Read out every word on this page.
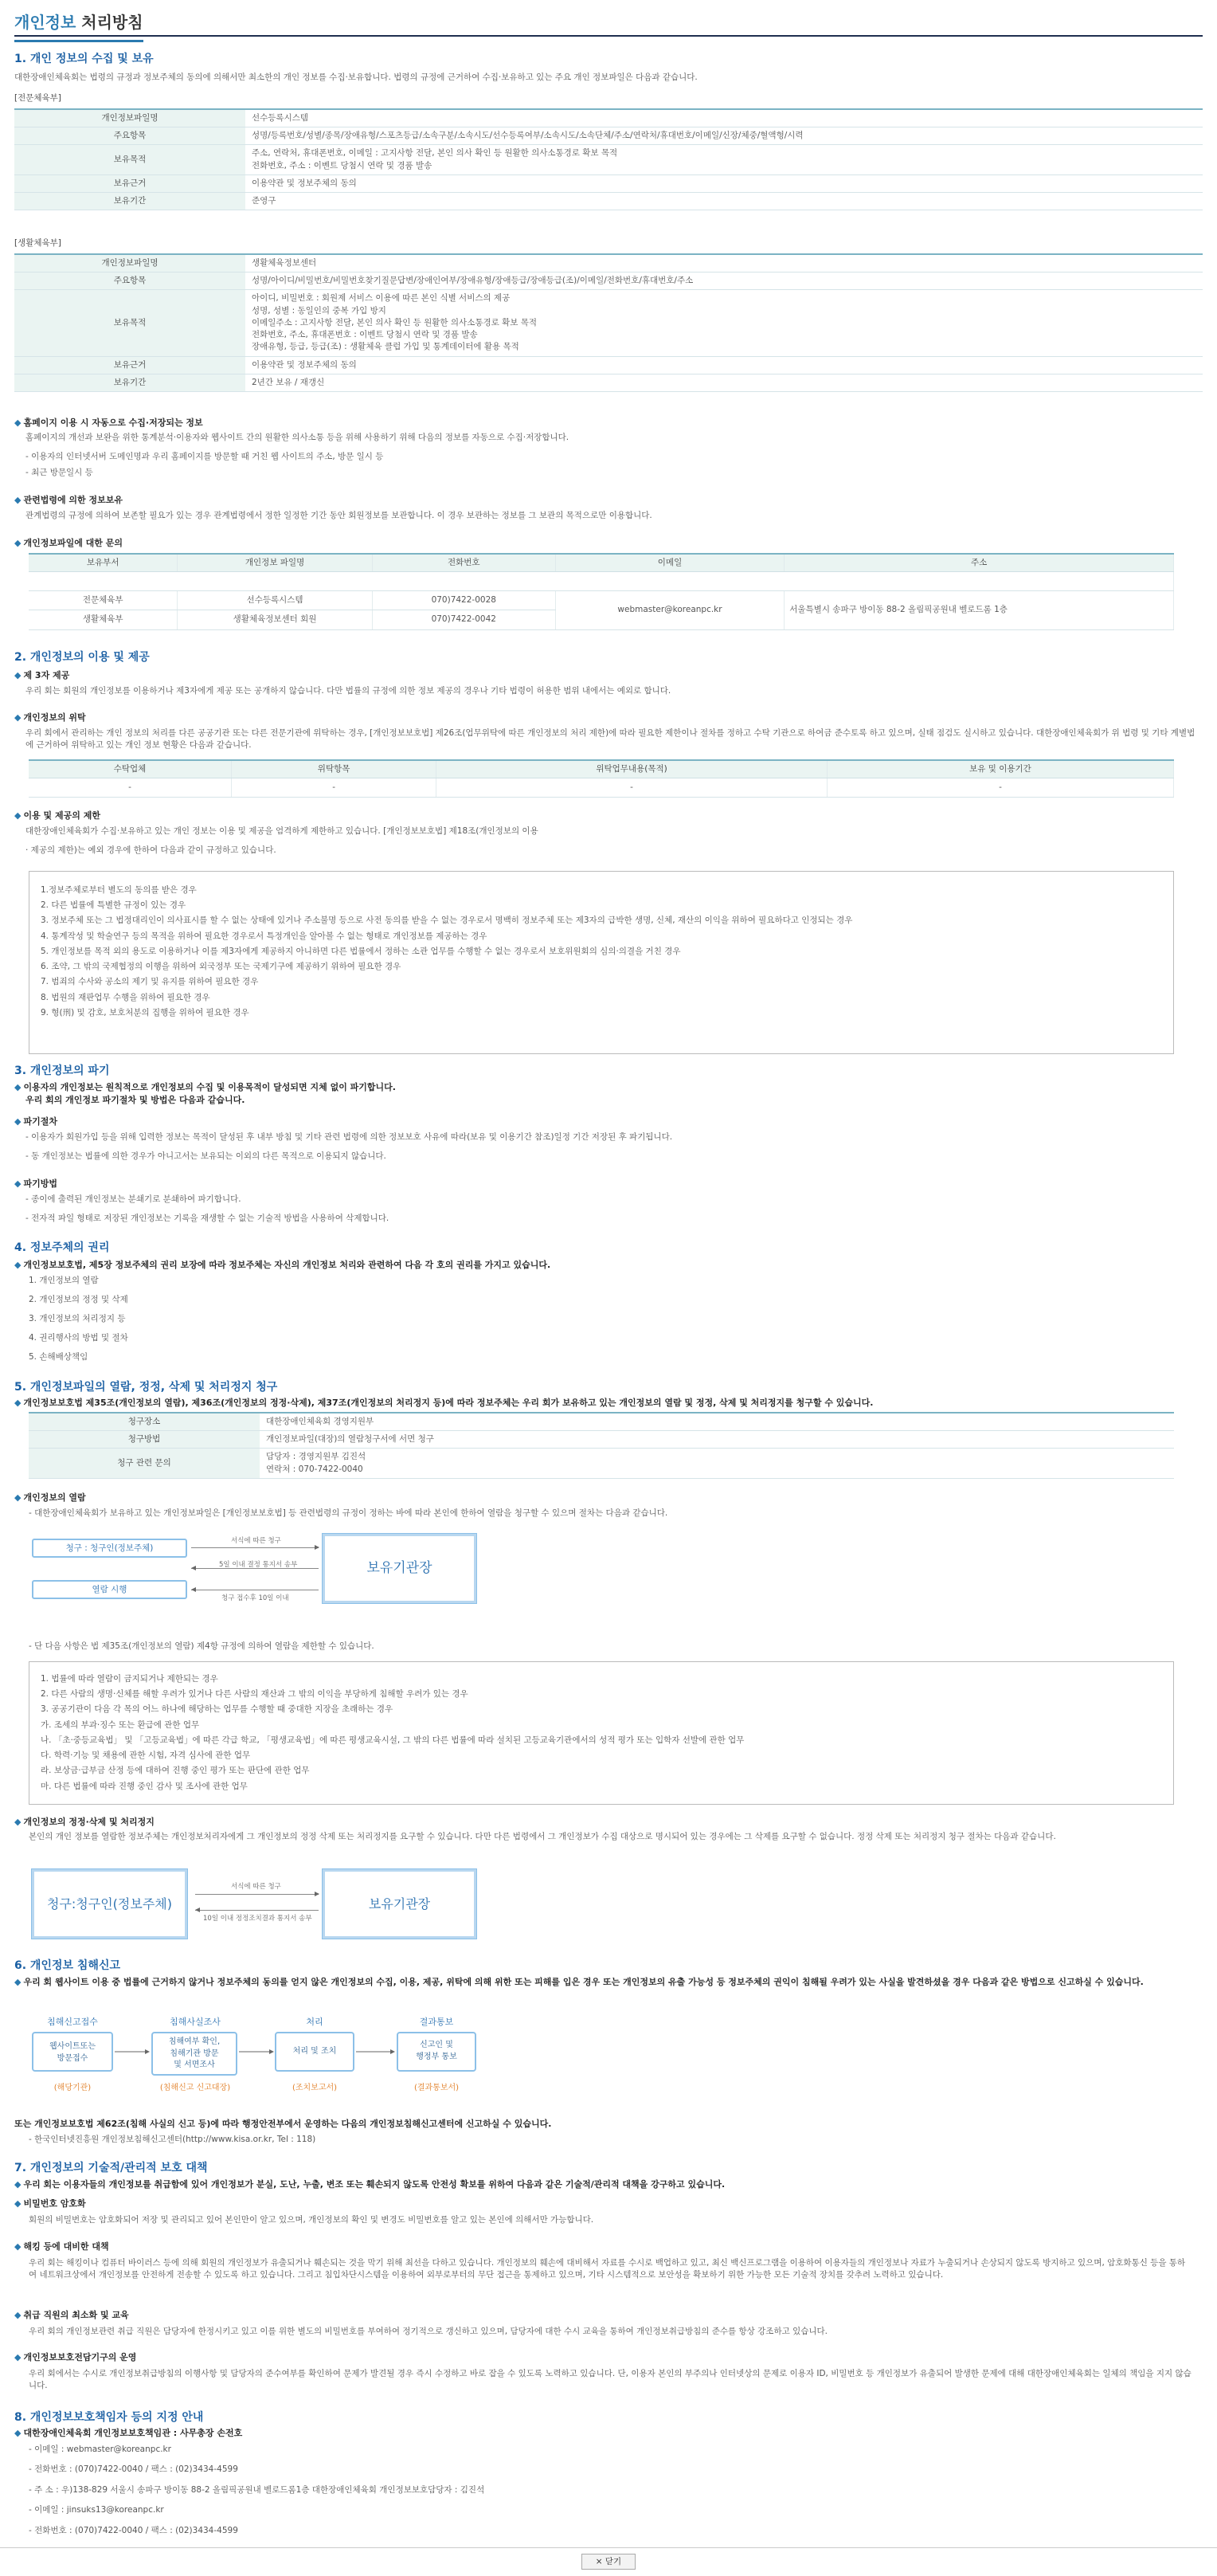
개인정보 처리방침
1. 개인 정보의 수집 및 보유
대한장애인체육회는 법령의 규정과 정보주체의 동의에 의해서만 최소한의 개인 정보를 수집·보유합니다. 법령의 규정에 근거하여 수집·보유하고 있는 주요 개인 정보파일은 다음과 같습니다.
[전문체육부]
개인정보파일명	선수등록시스템
주요항목	성명/등록번호/성별/종목/장애유형/스포츠등급/소속구분/소속시도/선수등록여부/소속시도/소속단체/주소/연락처/휴대번호/이메일/신장/체중/혈액형/시력
보유목적	주소, 연락처, 휴대폰번호, 이메일 : 고지사항 전달, 본인 의사 확인 등 원활한 의사소통경로 확보 목적
전화번호, 주소 : 이벤트 당첨시 연락 및 경품 발송
보유근거	이용약관 및 정보주체의 동의
보유기간	준영구
[생활체육부]
개인정보파일명	생활체육정보센터
주요항목	성명/아이디/비밀번호/비밀번호찾기질문답변/장애인여부/장애유형/장애등급/장애등급(조)/이메일/전화번호/휴대번호/주소
보유목적	아이디, 비밀번호 : 회원제 서비스 이용에 따른 본인 식별 서비스의 제공
성명, 성별 : 동일인의 중복 가입 방지
이메일주소 : 고지사항 전달, 본인 의사 확인 등 원활한 의사소통경로 확보 목적
전화번호, 주소, 휴대폰번호 : 이벤트 당첨시 연락 및 경품 발송
장애유형, 등급, 등급(조) : 생활체육 클럽 가입 및 통계데이터에 활용 목적
보유근거	이용약관 및 정보주체의 동의
보유기간	2년간 보유 / 재갱신
◆ 홈페이지 이용 시 자동으로 수집·저장되는 정보
홈페이지의 개선과 보완을 위한 통계분석·이용자와 웹사이트 간의 원활한 의사소통 등을 위해 사용하기 위해 다음의 정보를 자동으로 수집·저장합니다.
- 이용자의 인터넷서버 도메인명과 우리 홈페이지를 방문할 때 거친 웹 사이트의 주소, 방문 일시 등
- 최근 방문일시 등
◆ 관련법령에 의한 정보보유
관계법령의 규정에 의하여 보존할 필요가 있는 경우 관계법령에서 정한 일정한 기간 동안 회원정보를 보관합니다. 이 경우 보관하는 정보를 그 보관의 목적으로만 이용합니다.
◆ 개인정보파일에 대한 문의
보유부서	개인정보 파일명	전화번호	이메일	주소

전문체육부	선수등록시스템	070)7422-0028	webmaster@koreanpc.kr	서울특별시 송파구 방이동 88-2 올림픽공원내 벨로드롬 1층
생활체육부	생활체육정보센터 회원	070)7422-0042		
2. 개인정보의 이용 및 제공
◆ 제 3자 제공
우리 회는 회원의 개인정보를 이용하거나 제3자에게 제공 또는 공개하지 않습니다. 다만 법률의 규정에 의한 정보 제공의 경우나 기타 법령이 허용한 범위 내에서는 예외로 합니다.
◆ 개인정보의 위탁
우리 회에서 관리하는 개인 정보의 처리를 다른 공공기관 또는 다른 전문기관에 위탁하는 경우, [개인정보보호법] 제26조(업무위탁에 따른 개인정보의 처리 제한)에 따라 필요한 제한이나 절차를 정하고 수탁 기관으로 하여금 준수토록 하고 있으며, 실태 점검도 실시하고 있습니다. 대한장애인체육회가 위 법령 및 기타 계별법에 근거하여 위탁하고 있는 개인 정보 현황은 다음과 같습니다.
수탁업체	위탁항목	위탁업무내용(목적)	보유 및 이용기간
-	-	-	-
◆ 이용 및 제공의 제한
대한장애인체육회가 수집·보유하고 있는 개인 정보는 이용 및 제공을 엄격하게 제한하고 있습니다. [개인정보보호법] 제18조(개인정보의 이용
· 제공의 제한)는 예외 경우에 한하여 다음과 같이 규정하고 있습니다.
1.정보주체로부터 별도의 동의를 받은 경우
2. 다른 법률에 특별한 규정이 있는 경우
3. 정보주체 또는 그 법정대리인이 의사표시를 할 수 없는 상태에 있거나 주소불명 등으로 사전 동의를 받을 수 없는 경우로서 명백히 정보주체 또는 제3자의 급박한 생명, 신체, 재산의 이익을 위하여 필요하다고 인정되는 경우
4. 통계작성 및 학술연구 등의 목적을 위하여 필요한 경우로서 특정개인을 알아볼 수 없는 형태로 개인정보를 제공하는 경우
5. 개인정보를 목적 외의 용도로 이용하거나 이를 제3자에게 제공하지 아니하면 다른 법률에서 정하는 소관 업무를 수행할 수 없는 경우로서 보호위원회의 심의·의결을 거친 경우
6. 조약, 그 밖의 국제협정의 이행을 위하여 외국정부 또는 국제기구에 제공하기 위하여 필요한 경우
7. 범죄의 수사와 공소의 제기 및 유지를 위하여 필요한 경우
8. 법원의 재판업무 수행을 위하여 필요한 경우
9. 형(刑) 및 감호, 보호처분의 집행을 위하여 필요한 경우
3. 개인정보의 파기
◆ 이용자의 개인정보는 원칙적으로 개인정보의 수집 및 이용목적이 달성되면 지체 없이 파기합니다.
우리 회의 개인정보 파기절차 및 방법은 다음과 같습니다.
◆ 파기절차
- 이용자가 회원가입 등을 위해 입력한 정보는 목적이 달성된 후 내부 방침 및 기타 관련 법령에 의한 정보보호 사유에 따라(보유 및 이용기간 참조)일정 기간 저장된 후 파기됩니다.
- 동 개인정보는 법률에 의한 경우가 아니고서는 보유되는 이외의 다른 목적으로 이용되지 않습니다.
◆ 파기방법
- 종이에 출력된 개인정보는 분쇄기로 분쇄하여 파기합니다.
- 전자적 파일 형태로 저장된 개인정보는 기록을 재생할 수 없는 기술적 방법을 사용하여 삭제합니다.
4. 정보주체의 권리
◆ 개인정보보호법, 제5장 정보주체의 권리 보장에 따라 정보주체는 자신의 개인정보 처리와 관련하여 다음 각 호의 권리를 가지고 있습니다.
1. 개인정보의 열람
2. 개인정보의 정정 및 삭제
3. 개인정보의 처리정지 등
4. 권리행사의 방법 및 절차
5. 손해배상책임
5. 개인정보파일의 열람, 정정, 삭제 및 처리정지 청구
◆ 개인정보보호법 제35조(개인정보의 열람), 제36조(개인정보의 정정·삭제), 제37조(개인정보의 처리정지 등)에 따라 정보주체는 우리 회가 보유하고 있는 개인정보의 열람 및 정정, 삭제 및 처리정지를 청구할 수 있습니다.
청구장소	대한장애인체육회 경영지원부
청구방법	개인정보파일(대장)의 열람청구서에 서면 청구
청구 관련 문의	담당자 : 경영지원부 김진석
연락처 : 070-7422-0040
◆ 개인정보의 열람
- 대한장애인체육회가 보유하고 있는 개인정보파일은 [개인정보보호법] 등 관련법령의 규정이 정하는 바에 따라 본인에 한하여 열람을 청구할 수 있으며 절차는 다음과 같습니다.
청구 : 청구인(정보주체)
열람 시행
보유기관장
서식에 따른 청구
5일 이내 결정 통지서 송부
청구 접수후 10일 이내
- 단 다음 사항은 법 제35조(개인정보의 열람) 제4항 규정에 의하여 열람을 제한할 수 있습니다.
1. 법률에 따라 열람이 금지되거나 제한되는 경우
2. 다른 사람의 생명·신체를 해할 우려가 있거나 다른 사람의 재산과 그 밖의 이익을 부당하게 침해할 우려가 있는 경우
3. 공공기관이 다음 각 목의 어느 하나에 해당하는 업무를 수행할 때 중대한 지장을 초래하는 경우
가. 조세의 부과·징수 또는 환급에 관한 업무
나. 「초·중등교육법」 및 「고등교육법」에 따른 각급 학교, 「평생교육법」에 따른 평생교육시설, 그 밖의 다른 법률에 따라 설치된 고등교육기관에서의 성적 평가 또는 입학자 선발에 관한 업무
다. 학력·기능 및 채용에 관한 시험, 자격 심사에 관한 업무
라. 보상금·급부금 산정 등에 대하여 진행 중인 평가 또는 판단에 관한 업무
마. 다른 법률에 따라 진행 중인 감사 및 조사에 관한 업무
◆ 개인정보의 정정·삭제 및 처리정지
본인의 개인 정보를 열람한 정보주체는 개인정보처리자에게 그 개인정보의 정정 삭제 또는 처리정지를 요구할 수 있습니다. 다만 다른 법령에서 그 개인정보가 수집 대상으로 명시되어 있는 경우에는 그 삭제를 요구할 수 없습니다. 정정 삭제 또는 처리정지 청구 절차는 다음과 같습니다.
청구:청구인(정보주체)	보유기관장
서식에 따른 청구
10일 이내 정정조치결과 통지서 송부
6. 개인정보 침해신고
◆ 우리 회 웹사이트 이용 중 법률에 근거하지 않거나 정보주체의 동의를 얻지 않은 개인정보의 수집, 이용, 제공, 위탁에 의해 위한 또는 피해를 입은 경우 또는 개인정보의 유출 가능성 등 정보주체의 권익이 침해될 우려가 있는 사실을 발견하셨을 경우 다음과 같은 방법으로 신고하실 수 있습니다.
침해신고접수
웹사이트또는
방문접수
(해당기관)
침해사실조사
침해여부 확인,
침해기관 방문
및 서면조사
(침해신고 신고대장)
처리
처리 및 조치
(조치보고서)
결과통보
신고인 및
행정부 통보
(결과통보서)
또는 개인정보보호법 제62조(침해 사실의 신고 등)에 따라 행정안전부에서 운영하는 다음의 개인정보침해신고센터에 신고하실 수 있습니다.
- 한국인터넷진흥원 개인정보침해신고센터(http://www.kisa.or.kr, Tel : 118)
7. 개인정보의 기술적/관리적 보호 대책
◆ 우리 회는 이용자들의 개인정보를 취급함에 있어 개인정보가 분실, 도난, 누출, 변조 또는 훼손되지 않도록 안전성 확보를 위하여 다음과 같은 기술적/관리적 대책을 강구하고 있습니다.
◆ 비밀번호 암호화
회원의 비밀번호는 암호화되어 저장 및 관리되고 있어 본인만이 알고 있으며, 개인정보의 확인 및 변경도 비밀번호를 알고 있는 본인에 의해서만 가능합니다.
◆ 해킹 등에 대비한 대책
우리 회는 해킹이나 컴퓨터 바이러스 등에 의해 회원의 개인정보가 유출되거나 훼손되는 것을 막기 위해 최선을 다하고 있습니다. 개인정보의 훼손에 대비해서 자료를 수시로 백업하고 있고, 최신 백신프로그램을 이용하여 이용자들의 개인정보나 자료가 누출되거나 손상되지 않도록 방지하고 있으며, 암호화통신 등을 통하여 네트워크상에서 개인정보를 안전하게 전송할 수 있도록 하고 있습니다. 그리고 침입차단시스템을 이용하여 외부로부터의 무단 접근을 통제하고 있으며, 기타 시스템적으로 보안성을 확보하기 위한 가능한 모든 기술적 장치를 갖추려 노력하고 있습니다.
◆ 취급 직원의 최소화 및 교육
우리 회의 개인정보관련 취급 직원은 담당자에 한정시키고 있고 이를 위한 별도의 비밀번호를 부여하여 정기적으로 갱신하고 있으며, 담당자에 대한 수시 교육을 통하여 개인정보취급방침의 준수를 항상 강조하고 있습니다.
◆ 개인정보보호전담기구의 운영
우리 회에서는 수시로 개인정보취급방침의 이행사항 및 담당자의 준수여부를 확인하여 문제가 발견될 경우 즉시 수정하고 바로 잡을 수 있도록 노력하고 있습니다. 단, 이용자 본인의 부주의나 인터넷상의 문제로 이용자 ID, 비밀번호 등 개인정보가 유출되어 발생한 문제에 대해 대한장애인체육회는 일체의 책임을 지지 않습니다.
8. 개인정보보호책임자 등의 지정 안내
◆ 대한장애인체육회 개인정보보호책임관 : 사무총장 손전호
- 이메일 : webmaster@koreanpc.kr
- 전화번호 : (070)7422-0040 / 팩스 : (02)3434-4599
- 주 소 : 우)138-829 서울시 송파구 방이동 88-2 올림픽공원내 벨로드롬1층 대한장애인체육회 개인정보보호담당자 : 김진석
- 이메일 : jinsuks13@koreanpc.kr
- 전화번호 : (070)7422-0040 / 팩스 : (02)3434-4599
× 닫기
